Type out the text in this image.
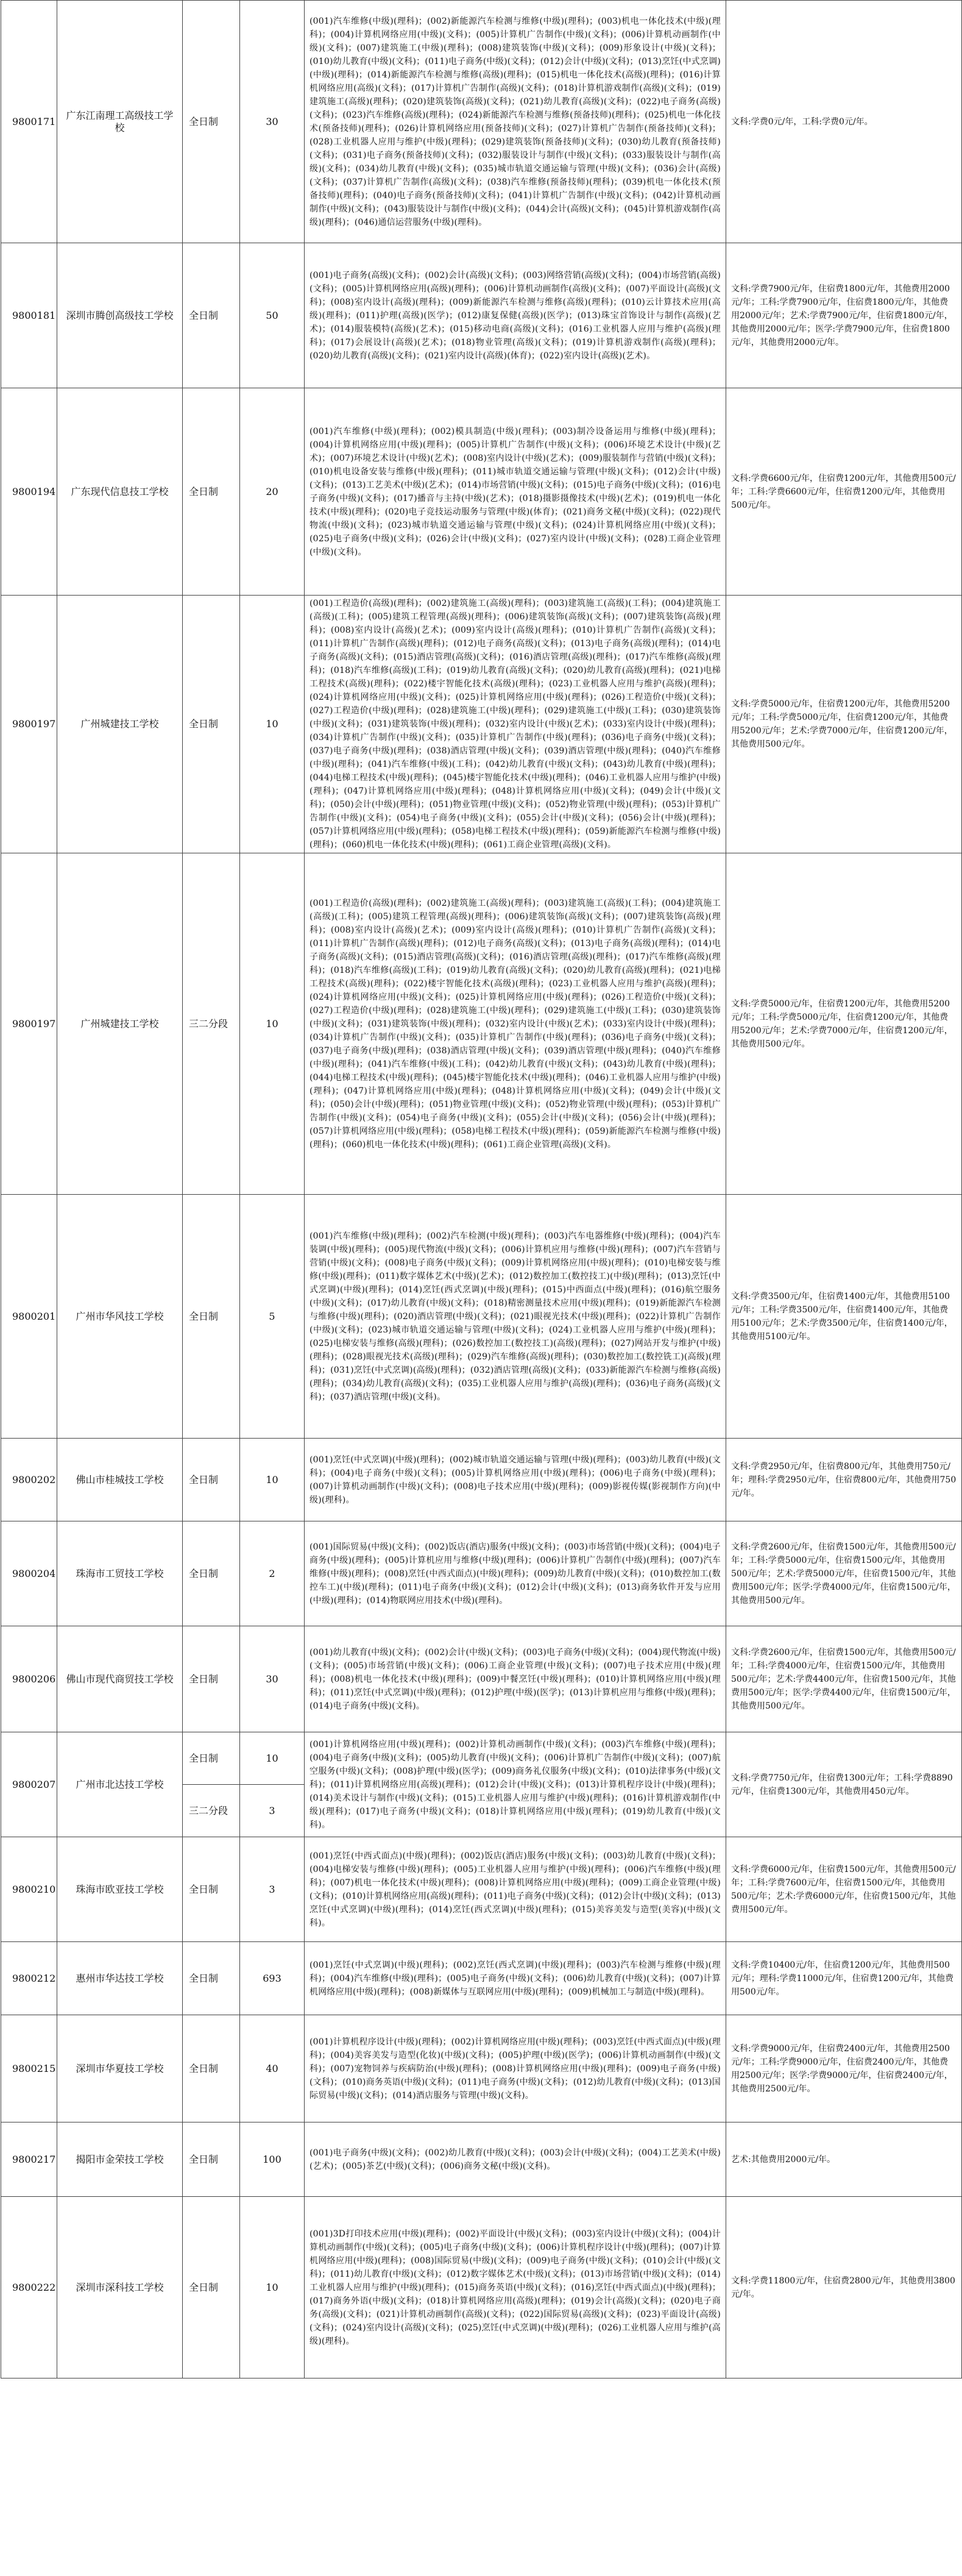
9800171	广东江南理工高级技工学校	全日制	30	(001)汽车维修(中级)(理科)；(002)新能源汽车检测与维修(中级)(理科)；(003)机电一体化技术(中级)(理科)；(004)计算机网络应用(中级)(文科)；(005)计算机广告制作(中级)(文科)；(006)计算机动画制作(中级)(文科)；(007)建筑施工(中级)(理科)；(008)建筑装饰(中级)(文科)；(009)形象设计(中级)(文科)；(010)幼儿教育(中级)(文科)；(011)电子商务(中级)(文科)；(012)会计(中级)(文科)；(013)烹饪(中式烹调)(中级)(理科)；(014)新能源汽车检测与维修(高级)(理科)；(015)机电一体化技术(高级)(理科)；(016)计算机网络应用(高级)(文科)；(017)计算机广告制作(高级)(文科)；(018)计算机游戏制作(高级)(文科)；(019)建筑施工(高级)(理科)；(020)建筑装饰(高级)(文科)；(021)幼儿教育(高级)(文科)；(022)电子商务(高级)(文科)；(023)汽车维修(高级)(理科)；(024)新能源汽车检测与维修(预备技师)(理科)；(025)机电一体化技术(预备技师)(理科)；(026)计算机网络应用(预备技师)(文科)；(027)计算机广告制作(预备技师)(文科)；(028)工业机器人应用与维护(中级)(理科)；(029)建筑装饰(预备技师)(文科)；(030)幼儿教育(预备技师)(文科)；(031)电子商务(预备技师)(文科)；(032)服装设计与制作(中级)(文科)；(033)服装设计与制作(高级)(文科)；(034)幼儿教育(中级)(文科)；(035)城市轨道交通运输与管理(中级)(文科)；(036)会计(高级)(文科)；(037)计算机广告制作(高级)(文科)；(038)汽车维修(预备技师)(理科)；(039)机电一体化技术(预备技师)(理科)；(040)电子商务(预备技师)(文科)；(041)计算机广告制作(中级)(文科)；(042)计算机动画制作(中级)(文科)；(043)服装设计与制作(中级)(文科)；(044)会计(高级)(文科)；(045)计算机游戏制作(高级)(理科)；(046)通信运营服务(中级)(理科)。	文科:学费0元/年，工科:学费0元/年。
9800181	深圳市腾创高级技工学校	全日制	50	(001)电子商务(高级)(文科)；(002)会计(高级)(文科)；(003)网络营销(高级)(文科)；(004)市场营销(高级)(文科)；(005)计算机网络应用(高级)(理科)；(006)计算机动画制作(高级)(文科)；(007)平面设计(高级)(文科)；(008)室内设计(高级)(理科)；(009)新能源汽车检测与维修(高级)(理科)；(010)云计算技术应用(高级)(理科)；(011)护理(高级)(医学)；(012)康复保健(高级)(医学)；(013)珠宝首饰设计与制作(高级)(艺术)；(014)服装模特(高级)(艺术)；(015)移动电商(高级)(文科)；(016)工业机器人应用与维护(高级)(理科)；(017)会展设计(高级)(艺术)；(018)物业管理(高级)(文科)；(019)计算机游戏制作(高级)(理科)；(020)幼儿教育(高级)(文科)；(021)室内设计(高级)(体育)；(022)室内设计(高级)(艺术)。	文科:学费7900元/年，住宿费1800元/年，其他费用2000元/年；工科:学费7900元/年，住宿费1800元/年，其他费用2000元/年；艺术:学费7900元/年，住宿费1800元/年，其他费用2000元/年；医学:学费7900元/年，住宿费1800元/年，其他费用2000元/年。
9800194	广东现代信息技工学校	全日制	20	(001)汽车维修(中级)(理科)；(002)模具制造(中级)(理科)；(003)制冷设备运用与维修(中级)(理科)；(004)计算机网络应用(中级)(理科)；(005)计算机广告制作(中级)(文科)；(006)环境艺术设计(中级)(艺术)；(007)环境艺术设计(中级)(艺术)；(008)室内设计(中级)(艺术)；(009)服装制作与营销(中级)(文科)；(010)机电设备安装与维修(中级)(理科)；(011)城市轨道交通运输与管理(中级)(文科)；(012)会计(中级)(文科)；(013)工艺美术(中级)(艺术)；(014)市场营销(中级)(文科)；(015)电子商务(中级)(文科)；(016)电子商务(中级)(文科)；(017)播音与主持(中级)(艺术)；(018)摄影摄像技术(中级)(艺术)；(019)机电一体化技术(中级)(理科)；(020)电子竞技运动服务与管理(中级)(体育)；(021)商务文秘(中级)(文科)；(022)现代物流(中级)(文科)；(023)城市轨道交通运输与管理(中级)(文科)；(024)计算机网络应用(中级)(文科)；(025)电子商务(中级)(文科)；(026)会计(中级)(文科)；(027)室内设计(中级)(文科)；(028)工商企业管理(中级)(文科)。	文科:学费6600元/年，住宿费1200元/年，其他费用500元/年；工科:学费6600元/年，住宿费1200元/年，其他费用500元/年。
9800197	广州城建技工学校	全日制	10	(001)工程造价(高级)(理科)；(002)建筑施工(高级)(理科)；(003)建筑施工(高级)(工科)；(004)建筑施工(高级)(工科)；(005)建筑工程管理(高级)(理科)；(006)建筑装饰(高级)(文科)；(007)建筑装饰(高级)(理科)；(008)室内设计(高级)(艺术)；(009)室内设计(高级)(理科)；(010)计算机广告制作(高级)(文科)；(011)计算机广告制作(高级)(理科)；(012)电子商务(高级)(文科)；(013)电子商务(高级)(理科)；(014)电子商务(高级)(文科)；(015)酒店管理(高级)(文科)；(016)酒店管理(高级)(理科)；(017)汽车维修(高级)(理科)；(018)汽车维修(高级)(工科)；(019)幼儿教育(高级)(文科)；(020)幼儿教育(高级)(理科)；(021)电梯工程技术(高级)(理科)；(022)楼宇智能化技术(高级)(理科)；(023)工业机器人应用与维护(高级)(理科)；(024)计算机网络应用(中级)(文科)；(025)计算机网络应用(中级)(理科)；(026)工程造价(中级)(文科)；(027)工程造价(中级)(理科)；(028)建筑施工(中级)(理科)；(029)建筑施工(中级)(工科)；(030)建筑装饰(中级)(文科)；(031)建筑装饰(中级)(理科)；(032)室内设计(中级)(艺术)；(033)室内设计(中级)(理科)；(034)计算机广告制作(中级)(文科)；(035)计算机广告制作(中级)(理科)；(036)电子商务(中级)(文科)；(037)电子商务(中级)(理科)；(038)酒店管理(中级)(文科)；(039)酒店管理(中级)(理科)；(040)汽车维修(中级)(理科)；(041)汽车维修(中级)(工科)；(042)幼儿教育(中级)(文科)；(043)幼儿教育(中级)(理科)；(044)电梯工程技术(中级)(理科)；(045)楼宇智能化技术(中级)(理科)；(046)工业机器人应用与维护(中级)(理科)；(047)计算机网络应用(中级)(理科)；(048)计算机网络应用(中级)(文科)；(049)会计(中级)(文科)；(050)会计(中级)(理科)；(051)物业管理(中级)(文科)；(052)物业管理(中级)(理科)；(053)计算机广告制作(中级)(文科)；(054)电子商务(中级)(文科)；(055)会计(中级)(文科)；(056)会计(中级)(理科)；(057)计算机网络应用(中级)(理科)；(058)电梯工程技术(中级)(理科)；(059)新能源汽车检测与维修(中级)(理科)；(060)机电一体化技术(中级)(理科)；(061)工商企业管理(高级)(文科)。	文科:学费5000元/年，住宿费1200元/年，其他费用5200元/年；工科:学费5000元/年，住宿费1200元/年，其他费用5200元/年；艺术:学费7000元/年，住宿费1200元/年，其他费用500元/年。
9800197	广州城建技工学校	三二分段	10	(001)工程造价(高级)(理科)；(002)建筑施工(高级)(理科)；(003)建筑施工(高级)(工科)；(004)建筑施工(高级)(工科)；(005)建筑工程管理(高级)(理科)；(006)建筑装饰(高级)(文科)；(007)建筑装饰(高级)(理科)；(008)室内设计(高级)(艺术)；(009)室内设计(高级)(理科)；(010)计算机广告制作(高级)(文科)；(011)计算机广告制作(高级)(理科)；(012)电子商务(高级)(文科)；(013)电子商务(高级)(理科)；(014)电子商务(高级)(文科)；(015)酒店管理(高级)(文科)；(016)酒店管理(高级)(理科)；(017)汽车维修(高级)(理科)；(018)汽车维修(高级)(工科)；(019)幼儿教育(高级)(文科)；(020)幼儿教育(高级)(理科)；(021)电梯工程技术(高级)(理科)；(022)楼宇智能化技术(高级)(理科)；(023)工业机器人应用与维护(高级)(理科)；(024)计算机网络应用(中级)(文科)；(025)计算机网络应用(中级)(理科)；(026)工程造价(中级)(文科)；(027)工程造价(中级)(理科)；(028)建筑施工(中级)(理科)；(029)建筑施工(中级)(工科)；(030)建筑装饰(中级)(文科)；(031)建筑装饰(中级)(理科)；(032)室内设计(中级)(艺术)；(033)室内设计(中级)(理科)；(034)计算机广告制作(中级)(文科)；(035)计算机广告制作(中级)(理科)；(036)电子商务(中级)(文科)；(037)电子商务(中级)(理科)；(038)酒店管理(中级)(文科)；(039)酒店管理(中级)(理科)；(040)汽车维修(中级)(理科)；(041)汽车维修(中级)(工科)；(042)幼儿教育(中级)(文科)；(043)幼儿教育(中级)(理科)；(044)电梯工程技术(中级)(理科)；(045)楼宇智能化技术(中级)(理科)；(046)工业机器人应用与维护(中级)(理科)；(047)计算机网络应用(中级)(理科)；(048)计算机网络应用(中级)(文科)；(049)会计(中级)(文科)；(050)会计(中级)(理科)；(051)物业管理(中级)(文科)；(052)物业管理(中级)(理科)；(053)计算机广告制作(中级)(文科)；(054)电子商务(中级)(文科)；(055)会计(中级)(文科)；(056)会计(中级)(理科)；(057)计算机网络应用(中级)(理科)；(058)电梯工程技术(中级)(理科)；(059)新能源汽车检测与维修(中级)(理科)；(060)机电一体化技术(中级)(理科)；(061)工商企业管理(高级)(文科)。	文科:学费5000元/年，住宿费1200元/年，其他费用5200元/年；工科:学费5000元/年，住宿费1200元/年，其他费用5200元/年；艺术:学费7000元/年，住宿费1200元/年，其他费用500元/年。
9800201	广州市华风技工学校	全日制	5	(001)汽车维修(中级)(理科)；(002)汽车检测(中级)(理科)；(003)汽车电器维修(中级)(理科)；(004)汽车装调(中级)(理科)；(005)现代物流(中级)(文科)；(006)计算机应用与维修(中级)(理科)；(007)汽车营销与营销(中级)(文科)；(008)电子商务(中级)(文科)；(009)计算机网络应用(中级)(理科)；(010)电梯安装与维修(中级)(理科)；(011)数字媒体艺术(中级)(艺术)；(012)数控加工(数控技工)(中级)(理科)；(013)烹饪(中式烹调)(中级)(理科)；(014)烹饪(西式烹调)(中级)(理科)；(015)中西面点(中级)(理科)；(016)航空服务(中级)(文科)；(017)幼儿教育(中级)(文科)；(018)精密测量技术应用(中级)(理科)；(019)新能源汽车检测与维修(中级)(理科)；(020)酒店管理(中级)(文科)；(021)眼视光技术(中级)(理科)；(022)计算机广告制作(中级)(文科)；(023)城市轨道交通运输与管理(中级)(文科)；(024)工业机器人应用与维护(中级)(理科)；(025)电梯安装与维修(高级)(理科)；(026)数控加工(数控技工)(高级)(理科)；(027)网站开发与维护(中级)(理科)；(028)眼视光技术(高级)(理科)；(029)汽车维修(高级)(理科)；(030)数控加工(数控铣工)(高级)(理科)；(031)烹饪(中式烹调)(高级)(理科)；(032)酒店管理(高级)(文科)；(033)新能源汽车检测与维修(高级)(理科)；(034)幼儿教育(高级)(文科)；(035)工业机器人应用与维护(高级)(理科)；(036)电子商务(高级)(文科)；(037)酒店管理(中级)(文科)。	文科:学费3500元/年，住宿费1400元/年，其他费用5100元/年；工科:学费3500元/年，住宿费1400元/年，其他费用5100元/年；艺术:学费3500元/年，住宿费1400元/年，其他费用5100元/年。
9800202	佛山市桂城技工学校	全日制	10	(001)烹饪(中式烹调)(中级)(理科)；(002)城市轨道交通运输与管理(中级)(理科)；(003)幼儿教育(中级)(文科)；(004)电子商务(中级)(文科)；(005)计算机网络应用(中级)(理科)；(006)电子商务(中级)(理科)；(007)计算机动画制作(中级)(文科)；(008)电子技术应用(中级)(理科)；(009)影视传媒(影视制作方向)(中级)(理科)。	文科:学费2950元/年，住宿费800元/年，其他费用750元/年；理科:学费2950元/年，住宿费800元/年，其他费用750元/年。
9800204	珠海市工贸技工学校	全日制	2	(001)国际贸易(中级)(文科)；(002)饭店(酒店)服务(中级)(文科)；(003)市场营销(中级)(文科)；(004)电子商务(中级)(理科)；(005)计算机应用与维修(中级)(理科)；(006)计算机广告制作(中级)(理科)；(007)汽车维修(中级)(理科)；(008)烹饪(中西式面点)(中级)(理科)；(009)幼儿教育(中级)(文科)；(010)数控加工(数控车工)(中级)(理科)；(011)电子商务(中级)(文科)；(012)会计(中级)(文科)；(013)商务软件开发与应用(中级)(理科)；(014)物联网应用技术(中级)(理科)。	文科:学费2600元/年，住宿费1500元/年，其他费用500元/年；工科:学费5000元/年，住宿费1500元/年，其他费用500元/年；艺术:学费5000元/年，住宿费1500元/年，其他费用500元/年；医学:学费4000元/年，住宿费1500元/年，其他费用500元/年。
9800206	佛山市现代商贸技工学校	全日制	30	(001)幼儿教育(中级)(文科)；(002)会计(中级)(文科)；(003)电子商务(中级)(文科)；(004)现代物流(中级)(文科)；(005)市场营销(中级)(文科)；(006)工商企业管理(中级)(文科)；(007)电子技术应用(中级)(理科)；(008)机电一体化技术(中级)(理科)；(009)中餐烹饪(中级)(理科)；(010)计算机网络应用(中级)(理科)；(011)烹饪(中式烹调)(中级)(理科)；(012)护理(中级)(医学)；(013)计算机应用与维修(中级)(理科)；(014)电子商务(中级)(文科)。	文科:学费2600元/年，住宿费1500元/年，其他费用500元/年；工科:学费4000元/年，住宿费1500元/年，其他费用500元/年；艺术:学费4400元/年，住宿费1500元/年，其他费用500元/年；医学:学费4400元/年，住宿费1500元/年，其他费用500元/年。
9800207	广州市北达技工学校	全日制	10	(001)计算机网络应用(中级)(理科)；(002)计算机动画制作(中级)(文科)；(003)汽车维修(中级)(理科)；(004)电子商务(中级)(文科)；(005)幼儿教育(中级)(文科)；(006)计算机广告制作(中级)(文科)；(007)航空服务(中级)(文科)；(008)护理(中级)(医学)；(009)商务礼仪服务(中级)(文科)；(010)法律事务(中级)(文科)；(011)计算机网络应用(高级)(理科)；(012)会计(中级)(文科)；(013)计算机程序设计(中级)(理科)；(014)美术设计与制作(中级)(文科)；(015)工业机器人应用与维护(中级)(理科)；(016)计算机游戏制作(中级)(理科)；(017)电子商务(中级)(文科)；(018)计算机网络应用(中级)(理科)；(019)幼儿教育(中级)(文科)。	文科:学费7750元/年，住宿费1300元/年；工科:学费8890元/年，住宿费1300元/年，其他费用450元/年。
		三二分段	3		
9800210	珠海市欧亚技工学校	全日制	3	(001)烹饪(中西式面点)(中级)(理科)；(002)饭店(酒店)服务(中级)(文科)；(003)幼儿教育(中级)(文科)；(004)电梯安装与维修(中级)(理科)；(005)工业机器人应用与维护(中级)(理科)；(006)汽车维修(中级)(理科)；(007)机电一体化技术(中级)(理科)；(008)计算机网络应用(中级)(理科)；(009)工商企业管理(中级)(文科)；(010)计算机网络应用(高级)(理科)；(011)电子商务(中级)(文科)；(012)会计(中级)(文科)；(013)烹饪(中式烹调)(中级)(理科)；(014)烹饪(西式烹调)(中级)(理科)；(015)美容美发与造型(美容)(中级)(文科)。	文科:学费6000元/年，住宿费1500元/年，其他费用500元/年；工科:学费7600元/年，住宿费1500元/年，其他费用500元/年；艺术:学费6000元/年，住宿费1500元/年，其他费用500元/年。
9800212	惠州市华达技工学校	全日制	693	(001)烹饪(中式烹调)(中级)(理科)；(002)烹饪(西式烹调)(中级)(理科)；(003)汽车检测与维修(中级)(理科)；(004)汽车维修(中级)(理科)；(005)电子商务(中级)(文科)；(006)幼儿教育(中级)(文科)；(007)计算机网络应用(中级)(理科)；(008)新媒体与互联网应用(中级)(理科)；(009)机械加工与制造(中级)(理科)。	文科:学费10400元/年，住宿费1200元/年，其他费用500元/年；理科:学费11000元/年，住宿费1200元/年，其他费用500元/年。
9800215	深圳市华夏技工学校	全日制	40	(001)计算机程序设计(中级)(理科)；(002)计算机网络应用(中级)(理科)；(003)烹饪(中西式面点)(中级)(理科)；(004)美容美发与造型(化妆)(中级)(文科)；(005)护理(中级)(医学)；(006)计算机动画制作(中级)(文科)；(007)宠物饲养与疾病防治(中级)(理科)；(008)计算机网络应用(中级)(理科)；(009)电子商务(中级)(文科)；(010)商务英语(中级)(文科)；(011)电子商务(中级)(文科)；(012)幼儿教育(中级)(文科)；(013)国际贸易(中级)(文科)；(014)酒店服务与管理(中级)(文科)。	文科:学费9000元/年，住宿费2400元/年，其他费用2500元/年；工科:学费9000元/年，住宿费2400元/年，其他费用2500元/年；医学:学费9000元/年，住宿费2400元/年，其他费用2500元/年。
9800217	揭阳市金荣技工学校	全日制	100	(001)电子商务(中级)(文科)；(002)幼儿教育(中级)(文科)；(003)会计(中级)(文科)；(004)工艺美术(中级)(艺术)；(005)茶艺(中级)(文科)；(006)商务文秘(中级)(文科)。	艺术:其他费用2000元/年。
9800222	深圳市深科技工学校	全日制	10	(001)3D打印技术应用(中级)(理科)；(002)平面设计(中级)(文科)；(003)室内设计(中级)(文科)；(004)计算机动画制作(中级)(文科)；(005)电子商务(中级)(文科)；(006)计算机程序设计(中级)(理科)；(007)计算机网络应用(中级)(理科)；(008)国际贸易(中级)(文科)；(009)电子商务(中级)(文科)；(010)会计(中级)(文科)；(011)幼儿教育(中级)(文科)；(012)数字媒体艺术(中级)(文科)；(013)市场营销(中级)(文科)；(014)工业机器人应用与维护(中级)(理科)；(015)商务英语(中级)(文科)；(016)烹饪(中西式面点)(中级)(理科)；(017)商务外语(中级)(文科)；(018)计算机网络应用(高级)(理科)；(019)会计(高级)(文科)；(020)电子商务(高级)(文科)；(021)计算机动画制作(高级)(文科)；(022)国际贸易(高级)(文科)；(023)平面设计(高级)(文科)；(024)室内设计(高级)(文科)；(025)烹饪(中式烹调)(中级)(理科)；(026)工业机器人应用与维护(高级)(理科)。	文科:学费11800元/年，住宿费2800元/年，其他费用3800元/年。
